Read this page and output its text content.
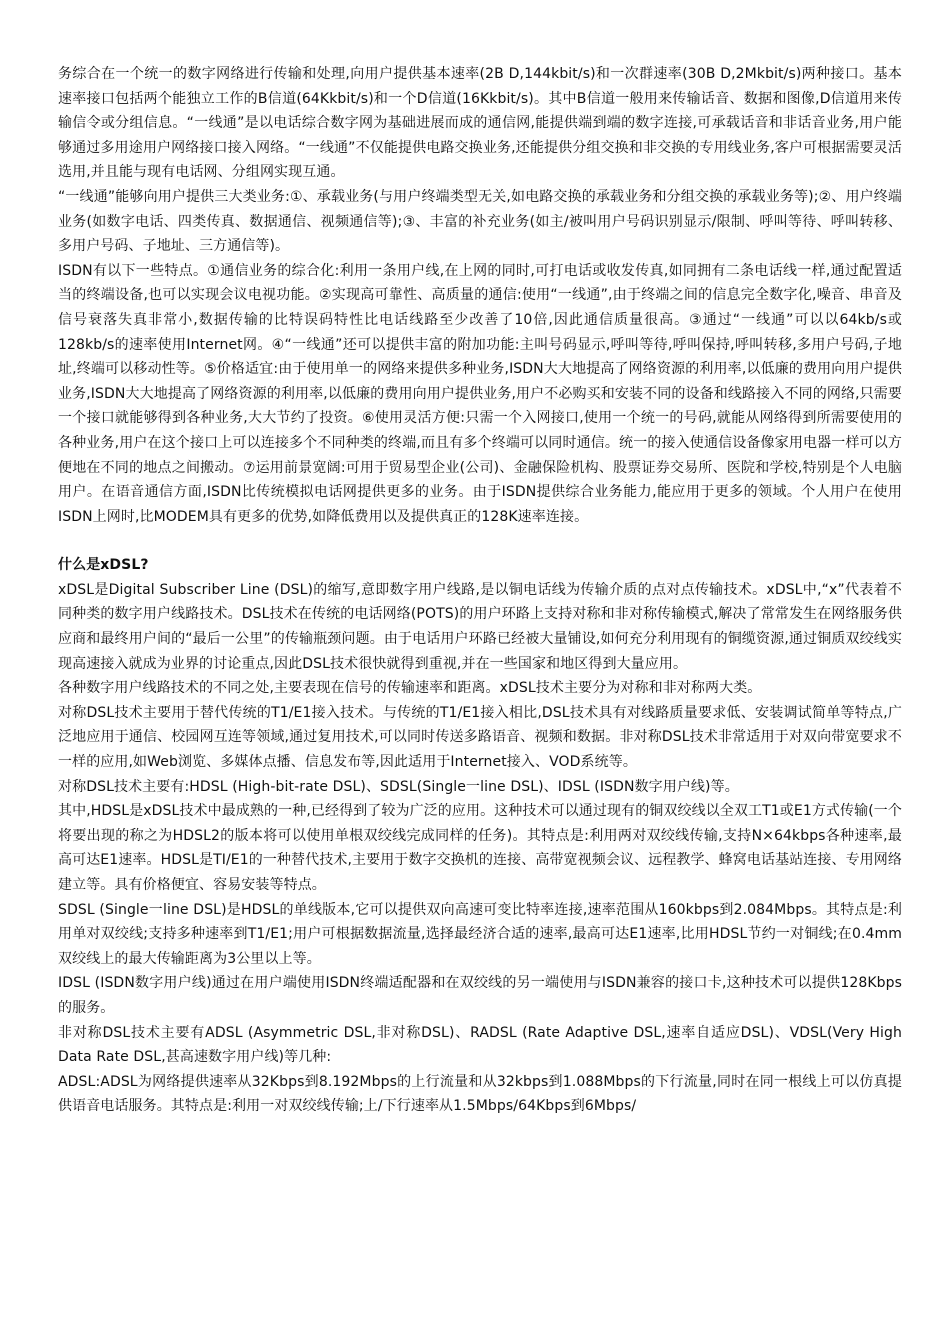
务综合在一个统一的数字网络进行传输和处理,向用户提供基本速率(2B D,144kbit/s)和一次群速率(30B D,2Mkbit/s)两种接口。基本速率接口包括两个能独立工作的B信道(64Kkbit/s)和一个D信道(16Kkbit/s)。其中B信道一般用来传输话音、数据和图像,D信道用来传输信令或分组信息。“一线通”是以电话综合数字网为基础进展而成的通信网,能提供端到端的数字连接,可承载话音和非话音业务,用户能够通过多用途用户网络接口接入网络。“一线通”不仅能提供电路交换业务,还能提供分组交换和非交换的专用线业务,客户可根据需要灵活选用,并且能与现有电话网、分组网实现互通。

“一线通”能够向用户提供三大类业务:①、承载业务(与用户终端类型无关,如电路交换的承载业务和分组交换的承载业务等);②、用户终端业务(如数字电话、四类传真、数据通信、视频通信等);③、丰富的补充业务(如主/被叫用户号码识别显示/限制、呼叫等待、呼叫转移、多用户号码、子地址、三方通信等)。

ISDN有以下一些特点。①通信业务的综合化:利用一条用户线,在上网的同时,可打电话或收发传真,如同拥有二条电话线一样,通过配置适当的终端设备,也可以实现会议电视功能。②实现高可靠性、高质量的通信:使用“一线通”,由于终端之间的信息完全数字化,噪音、串音及信号衰落失真非常小,数据传输的比特误码特性比电话线路至少改善了10倍,因此通信质量很高。③通过“一线通”可以以64kb/s或128kb/s的速率使用Internet网。④“一线通”还可以提供丰富的附加功能:主叫号码显示,呼叫等待,呼叫保持,呼叫转移,多用户号码,子地址,终端可以移动性等。⑤价格适宜:由于使用单一的网络来提供多种业务,ISDN大大地提高了网络资源的利用率,以低廉的费用向用户提供业务,ISDN大大地提高了网络资源的利用率,以低廉的费用向用户提供业务,用户不必购买和安装不同的设备和线路接入不同的网络,只需要一个接口就能够得到各种业务,大大节约了投资。⑥使用灵活方便:只需一个入网接口,使用一个统一的号码,就能从网络得到所需要使用的各种业务,用户在这个接口上可以连接多个不同种类的终端,而且有多个终端可以同时通信。统一的接入使通信设备像家用电器一样可以方便地在不同的地点之间搬动。⑦运用前景宽阔:可用于贸易型企业(公司)、金融保险机构、股票证券交易所、医院和学校,特别是个人电脑用户。在语音通信方面,ISDN比传统模拟电话网提供更多的业务。由于ISDN提供综合业务能力,能应用于更多的领域。个人用户在使用ISDN上网时,比MODEM具有更多的优势,如降低费用以及提供真正的128K速率连接。

什么是xDSL?

xDSL是Digital Subscriber Line (DSL)的缩写,意即数字用户线路,是以铜电话线为传输介质的点对点传输技术。xDSL中,“x”代表着不同种类的数字用户线路技术。DSL技术在传统的电话网络(POTS)的用户环路上支持对称和非对称传输模式,解决了常常发生在网络服务供应商和最终用户间的“最后一公里”的传输瓶颈问题。由于电话用户环路已经被大量铺设,如何充分利用现有的铜缆资源,通过铜质双绞线实现高速接入就成为业界的讨论重点,因此DSL技术很快就得到重视,并在一些国家和地区得到大量应用。

各种数字用户线路技术的不同之处,主要表现在信号的传输速率和距离。xDSL技术主要分为对称和非对称两大类。

对称DSL技术主要用于替代传统的T1/E1接入技术。与传统的T1/E1接入相比,DSL技术具有对线路质量要求低、安装调试简单等特点,广泛地应用于通信、校园网互连等领域,通过复用技术,可以同时传送多路语音、视频和数据。非对称DSL技术非常适用于对双向带宽要求不一样的应用,如Web浏览、多媒体点播、信息发布等,因此适用于Internet接入、VOD系统等。

对称DSL技术主要有:HDSL (High-bit-rate DSL)、SDSL(Single一line DSL)、IDSL (ISDN数字用户线)等。

其中,HDSL是xDSL技术中最成熟的一种,已经得到了较为广泛的应用。这种技术可以通过现有的铜双绞线以全双工T1或E1方式传输(一个将要出现的称之为HDSL2的版本将可以使用单根双绞线完成同样的任务)。其特点是:利用两对双绞线传输,支持N×64kbps各种速率,最高可达E1速率。HDSL是TI/E1的一种替代技术,主要用于数字交换机的连接、高带宽视频会议、远程教学、蜂窝电话基站连接、专用网络建立等。具有价格便宜、容易安装等特点。

SDSL (Single一line DSL)是HDSL的单线版本,它可以提供双向高速可变比特率连接,速率范围从160kbps到2.084Mbps。其特点是:利用单对双绞线;支持多种速率到T1/E1;用户可根据数据流量,选择最经济合适的速率,最高可达E1速率,比用HDSL节约一对铜线;在0.4mm双绞线上的最大传输距离为3公里以上等。

IDSL (ISDN数字用户线)通过在用户端使用ISDN终端适配器和在双绞线的另一端使用与ISDN兼容的接口卡,这种技术可以提供128Kbps的服务。

非对称DSL技术主要有ADSL (Asymmetric DSL,非对称DSL)、RADSL (Rate Adaptive DSL,速率自适应DSL)、VDSL(Very High Data Rate DSL,甚高速数字用户线)等几种:

ADSL:ADSL为网络提供速率从32Kbps到8.192Mbps的上行流量和从32kbps到1.088Mbps的下行流量,同时在同一根线上可以仿真提供语音电话服务。其特点是:利用一对双绞线传输;上/下行速率从1.5Mbps/64Kbps到6Mbps/
